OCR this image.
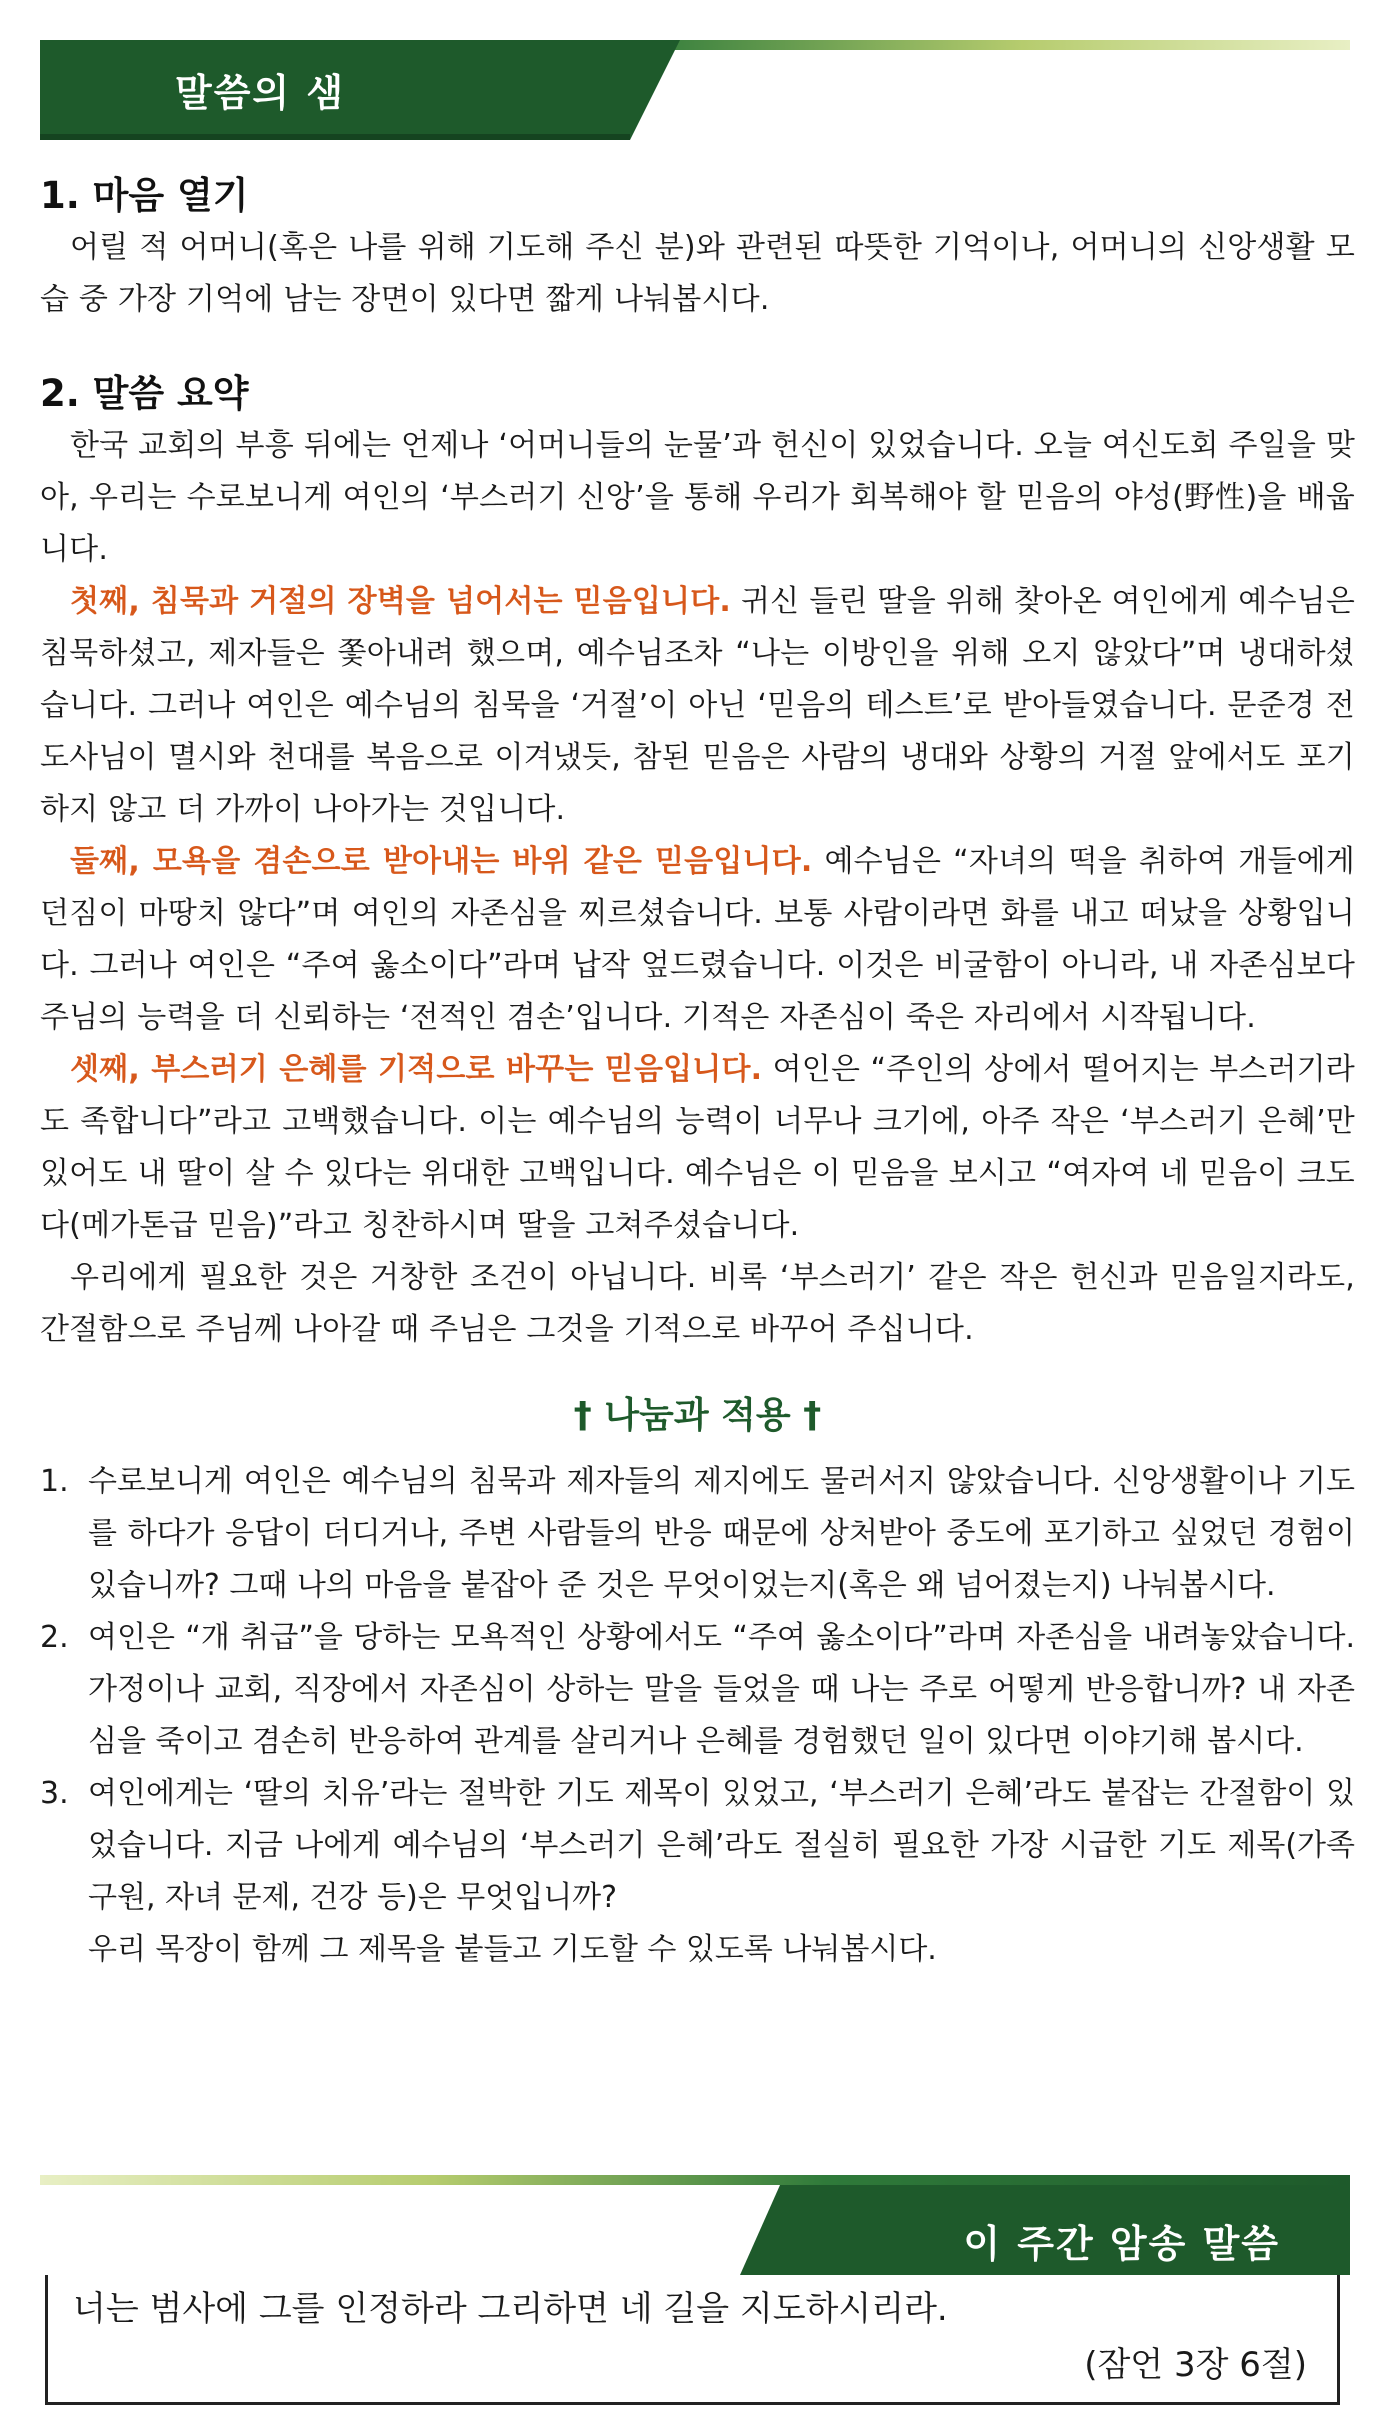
말씀의 샘

1. 마음 열기

어릴 적 어머니(혹은 나를 위해 기도해 주신 분)와 관련된 따뜻한 기억이나, 어머니의 신앙생활 모습 중 가장 기억에 남는 장면이 있다면 짧게 나눠봅시다.

2. 말씀 요약

한국 교회의 부흥 뒤에는 언제나 ‘어머니들의 눈물’과 헌신이 있었습니다. 오늘 여신도회 주일을 맞아, 우리는 수로보니게 여인의 ‘부스러기 신앙’을 통해 우리가 회복해야 할 믿음의 야성(野性)을 배웁니다.

첫째, 침묵과 거절의 장벽을 넘어서는 믿음입니다. 귀신 들린 딸을 위해 찾아온 여인에게 예수님은 침묵하셨고, 제자들은 쫓아내려 했으며, 예수님조차 “나는 이방인을 위해 오지 않았다”며 냉대하셨습니다. 그러나 여인은 예수님의 침묵을 ‘거절’이 아닌 ‘믿음의 테스트’로 받아들였습니다. 문준경 전도사님이 멸시와 천대를 복음으로 이겨냈듯, 참된 믿음은 사람의 냉대와 상황의 거절 앞에서도 포기하지 않고 더 가까이 나아가는 것입니다.

둘째, 모욕을 겸손으로 받아내는 바위 같은 믿음입니다. 예수님은 “자녀의 떡을 취하여 개들에게 던짐이 마땅치 않다”며 여인의 자존심을 찌르셨습니다. 보통 사람이라면 화를 내고 떠났을 상황입니다. 그러나 여인은 “주여 옳소이다”라며 납작 엎드렸습니다. 이것은 비굴함이 아니라, 내 자존심보다 주님의 능력을 더 신뢰하는 ‘전적인 겸손’입니다. 기적은 자존심이 죽은 자리에서 시작됩니다.

셋째, 부스러기 은혜를 기적으로 바꾸는 믿음입니다. 여인은 “주인의 상에서 떨어지는 부스러기라도 족합니다”라고 고백했습니다. 이는 예수님의 능력이 너무나 크기에, 아주 작은 ‘부스러기 은혜’만 있어도 내 딸이 살 수 있다는 위대한 고백입니다. 예수님은 이 믿음을 보시고 “여자여 네 믿음이 크도다(메가톤급 믿음)”라고 칭찬하시며 딸을 고쳐주셨습니다.

우리에게 필요한 것은 거창한 조건이 아닙니다. 비록 ‘부스러기’ 같은 작은 헌신과 믿음일지라도, 간절함으로 주님께 나아갈 때 주님은 그것을 기적으로 바꾸어 주십니다.

† 나눔과 적용 †
1. 수로보니게 여인은 예수님의 침묵과 제자들의 제지에도 물러서지 않았습니다. 신앙생활이나 기도를 하다가 응답이 더디거나, 주변 사람들의 반응 때문에 상처받아 중도에 포기하고 싶었던 경험이 있습니까? 그때 나의 마음을 붙잡아 준 것은 무엇이었는지(혹은 왜 넘어졌는지) 나눠봅시다.
2. 여인은 “개 취급”을 당하는 모욕적인 상황에서도 “주여 옳소이다”라며 자존심을 내려놓았습니다. 가정이나 교회, 직장에서 자존심이 상하는 말을 들었을 때 나는 주로 어떻게 반응합니까? 내 자존심을 죽이고 겸손히 반응하여 관계를 살리거나 은혜를 경험했던 일이 있다면 이야기해 봅시다.
3. 여인에게는 ‘딸의 치유’라는 절박한 기도 제목이 있었고, ‘부스러기 은혜’라도 붙잡는 간절함이 있었습니다. 지금 나에게 예수님의 ‘부스러기 은혜’라도 절실히 필요한 가장 시급한 기도 제목(가족 구원, 자녀 문제, 건강 등)은 무엇입니까?
우리 목장이 함께 그 제목을 붙들고 기도할 수 있도록 나눠봅시다.
이 주간 암송 말씀
너는 범사에 그를 인정하라 그리하면 네 길을 지도하시리라.
(잠언 3장 6절)
